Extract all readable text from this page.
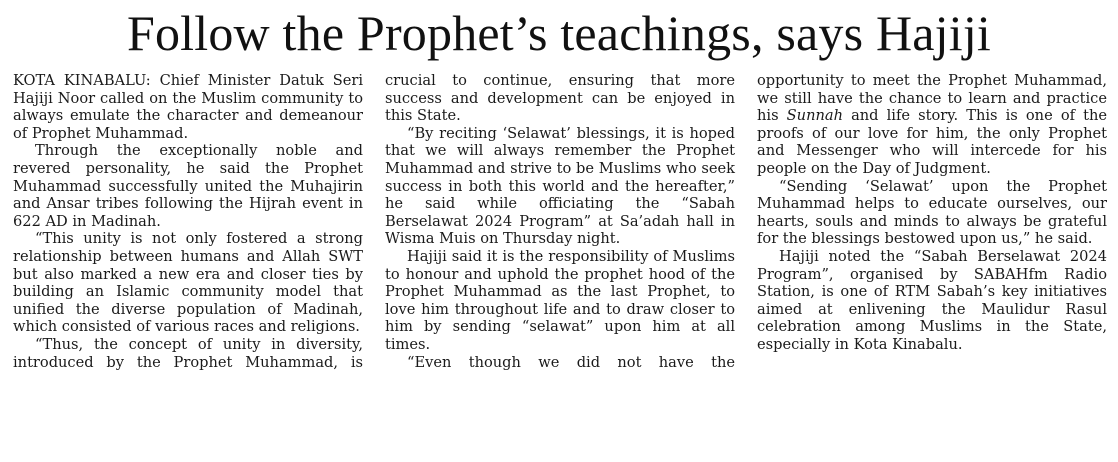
Follow the Prophet’s teachings, says Hajiji

KOTA KINABALU: Chief Minister Datuk Seri Hajiji Noor called on the Muslim community to always emulate the character and demeanour of Prophet Muhammad.

Through the exceptionally noble and revered personality, he said the Prophet Muhammad successfully united the Muhajirin and Ansar tribes following the Hijrah event in 622 AD in Madinah.

“This unity is not only fostered a strong relationship between humans and Allah SWT but also marked a new era and closer ties by building an Islamic community model that unified the diverse population of Madinah, which consisted of various races and religions.

“Thus, the concept of unity in diversity, introduced by the Prophet Muhammad, is

crucial to continue, ensuring that more success and development can be enjoyed in this State.

“By reciting ‘Selawat’ blessings, it is hoped that we will always remember the Prophet Muhammad and strive to be Muslims who seek success in both this world and the hereafter,” he said while officiating the “Sabah Berselawat 2024 Program” at Sa’adah hall in Wisma Muis on Thursday night.

Hajiji said it is the responsibility of Muslims to honour and uphold the prophet hood of the Prophet Muhammad as the last Prophet, to love him throughout life and to draw closer to him by sending “selawat” upon him at all times.

“Even though we did not have the

opportunity to meet the Prophet Muhammad, we still have the chance to learn and practice his Sunnah and life story. This is one of the proofs of our love for him, the only Prophet and Messenger who will intercede for his people on the Day of Judgment.

“Sending ‘Selawat’ upon the Prophet Muhammad helps to educate ourselves, our hearts, souls and minds to always be grateful for the blessings bestowed upon us,” he said.

Hajiji noted the “Sabah Berselawat 2024 Program”, organised by SABAHfm Radio Station, is one of RTM Sabah’s key initiatives aimed at enlivening the Maulidur Rasul celebration among Muslims in the State, especially in Kota Kinabalu.
